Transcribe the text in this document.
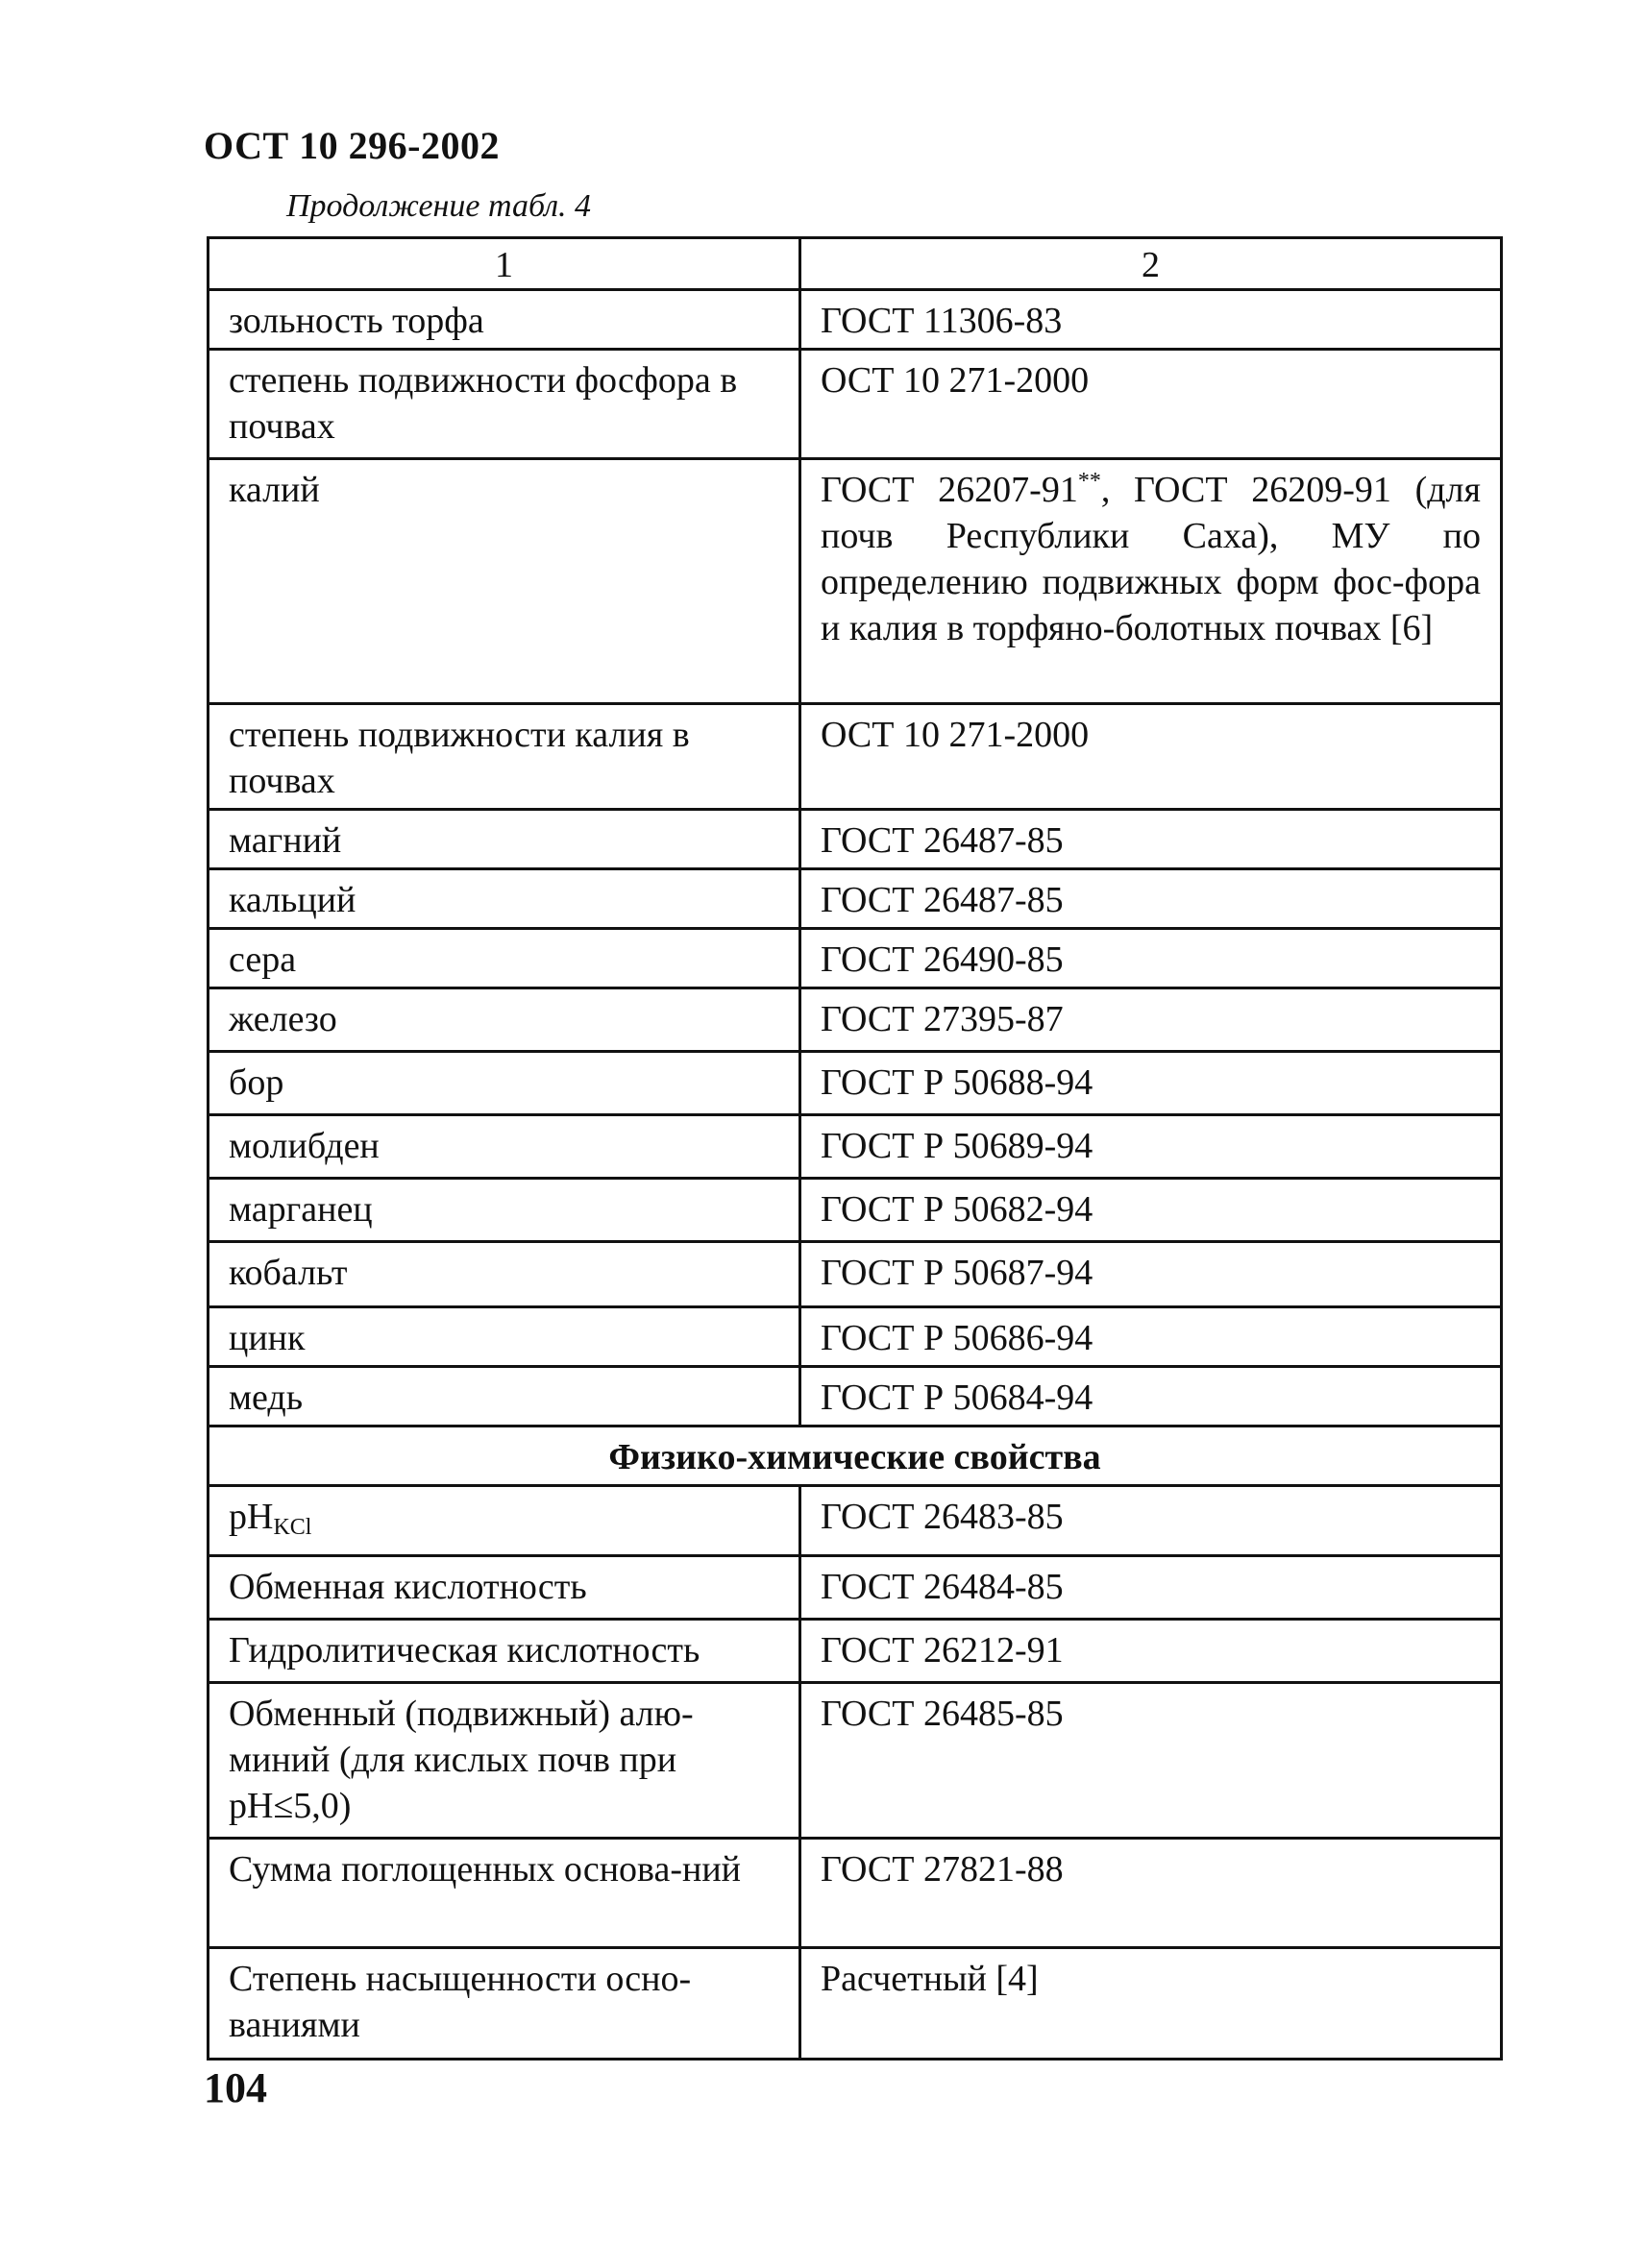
ОСТ 10 296-2002
Продолжение табл. 4
1	2
зольность торфа	ГОСТ 11306-83
степень подвижности фосфора в почвах	ОСТ 10 271-2000
калий	ГОСТ 26207-91**, ГОСТ 26209-91 (для почв Республики Саха), МУ по определению подвижных форм фос-фора и калия в торфяно-болотных почвах [6]
степень подвижности калия в почвах	ОСТ 10 271-2000
магний	ГОСТ 26487-85
кальций	ГОСТ 26487-85
сера	ГОСТ 26490-85
железо	ГОСТ 27395-87
бор	ГОСТ Р 50688-94
молибден	ГОСТ Р 50689-94
марганец	ГОСТ Р 50682-94
кобальт	ГОСТ Р 50687-94
цинк	ГОСТ Р 50686-94
медь	ГОСТ Р 50684-94
Физико-химические свойства	
$pH_{KCl}$	ГОСТ 26483-85
Обменная кислотность	ГОСТ 26484-85
Гидролитическая кислотность	ГОСТ 26212-91
Обменный (подвижный) алю-миний (для кислых почв при pH≤5,0)	ГОСТ 26485-85
Сумма поглощенных основа-ний	ГОСТ 27821-88
Степень насыщенности осно-ваниями	Расчетный [4]
104
